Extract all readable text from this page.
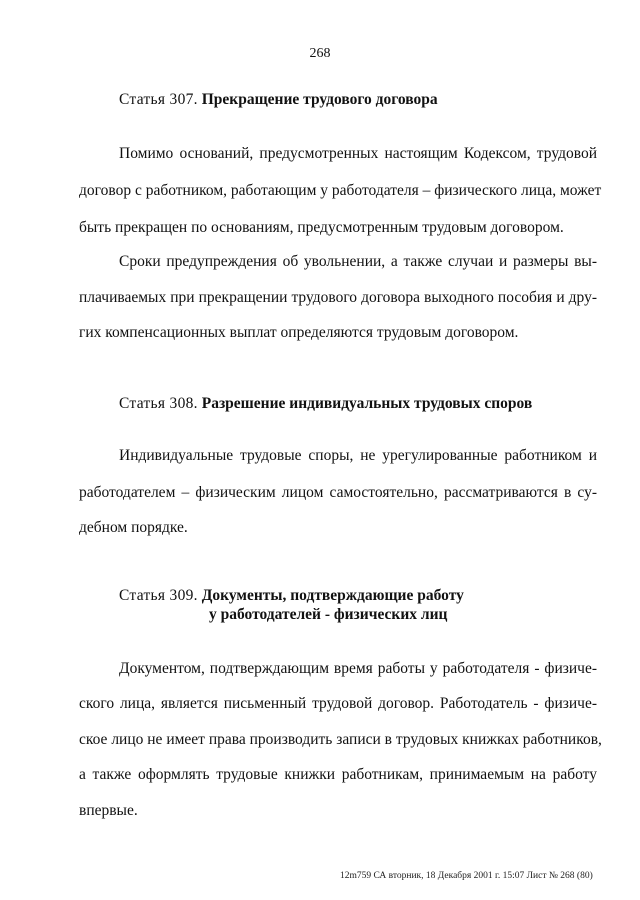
268
Статья 307. Прекращение трудового договора
Помимо оснований, предусмотренных настоящим Кодексом, трудовой
договор с работником, работающим у работодателя – физического лица, может
быть прекращен по основаниям, предусмотренным трудовым договором.
Сроки предупреждения об увольнении, а также случаи и размеры вы-
плачиваемых при прекращении трудового договора выходного пособия и дру-
гих компенсационных выплат определяются трудовым договором.
Статья 308. Разрешение индивидуальных трудовых споров
Индивидуальные трудовые споры, не урегулированные работником и
работодателем – физическим лицом самостоятельно, рассматриваются в су-
дебном порядке.
Статья 309. Документы, подтверждающие работу
у работодателей - физических лиц
Документом, подтверждающим время работы у работодателя - физиче-
ского лица, является письменный трудовой договор. Работодатель - физиче-
ское лицо не имеет права производить записи в трудовых книжках работников,
а также оформлять трудовые книжки работникам, принимаемым на работу
впервые.
12m759 СА вторник, 18 Декабря 2001 г. 15:07 Лист № 268 (80)
